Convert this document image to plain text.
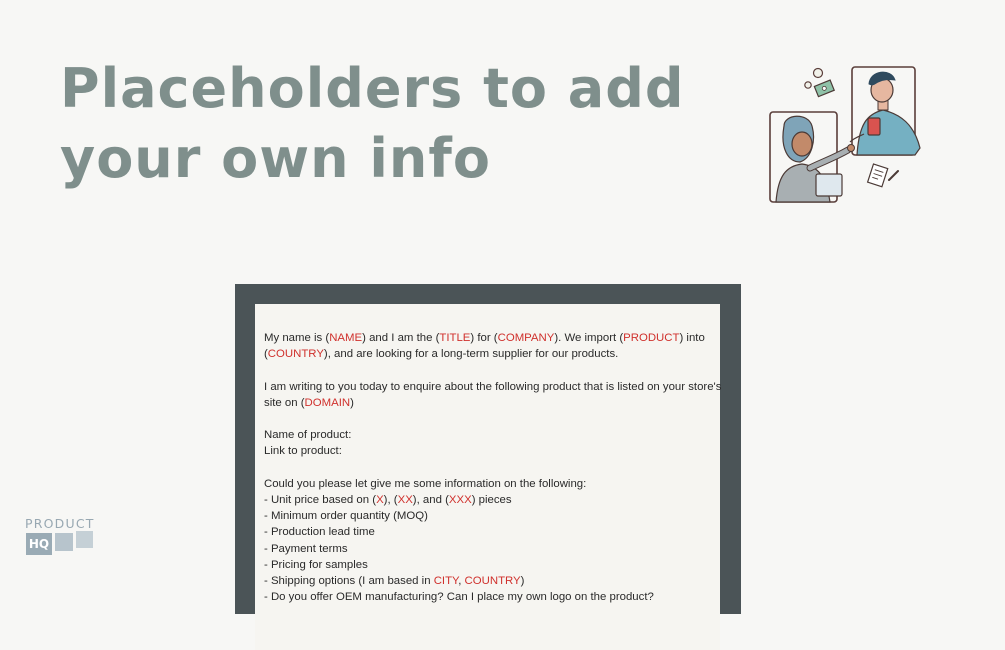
Placeholders to add
your own info
PRODUCT
HQ

My name is (NAME) and I am the (TITLE) for (COMPANY). We import (PRODUCT) into

(COUNTRY), and are looking for a long-term supplier for our products.

I am writing to you today to enquire about the following product that is listed on your store's

site on (DOMAIN)

Name of product:

Link to product:

Could you please let give me some information on the following:

- Unit price based on (X), (XX), and (XXX) pieces

- Minimum order quantity (MOQ)

- Production lead time

- Payment terms

- Pricing for samples

- Shipping options (I am based in CITY, COUNTRY)

- Do you offer OEM manufacturing? Can I place my own logo on the product?
